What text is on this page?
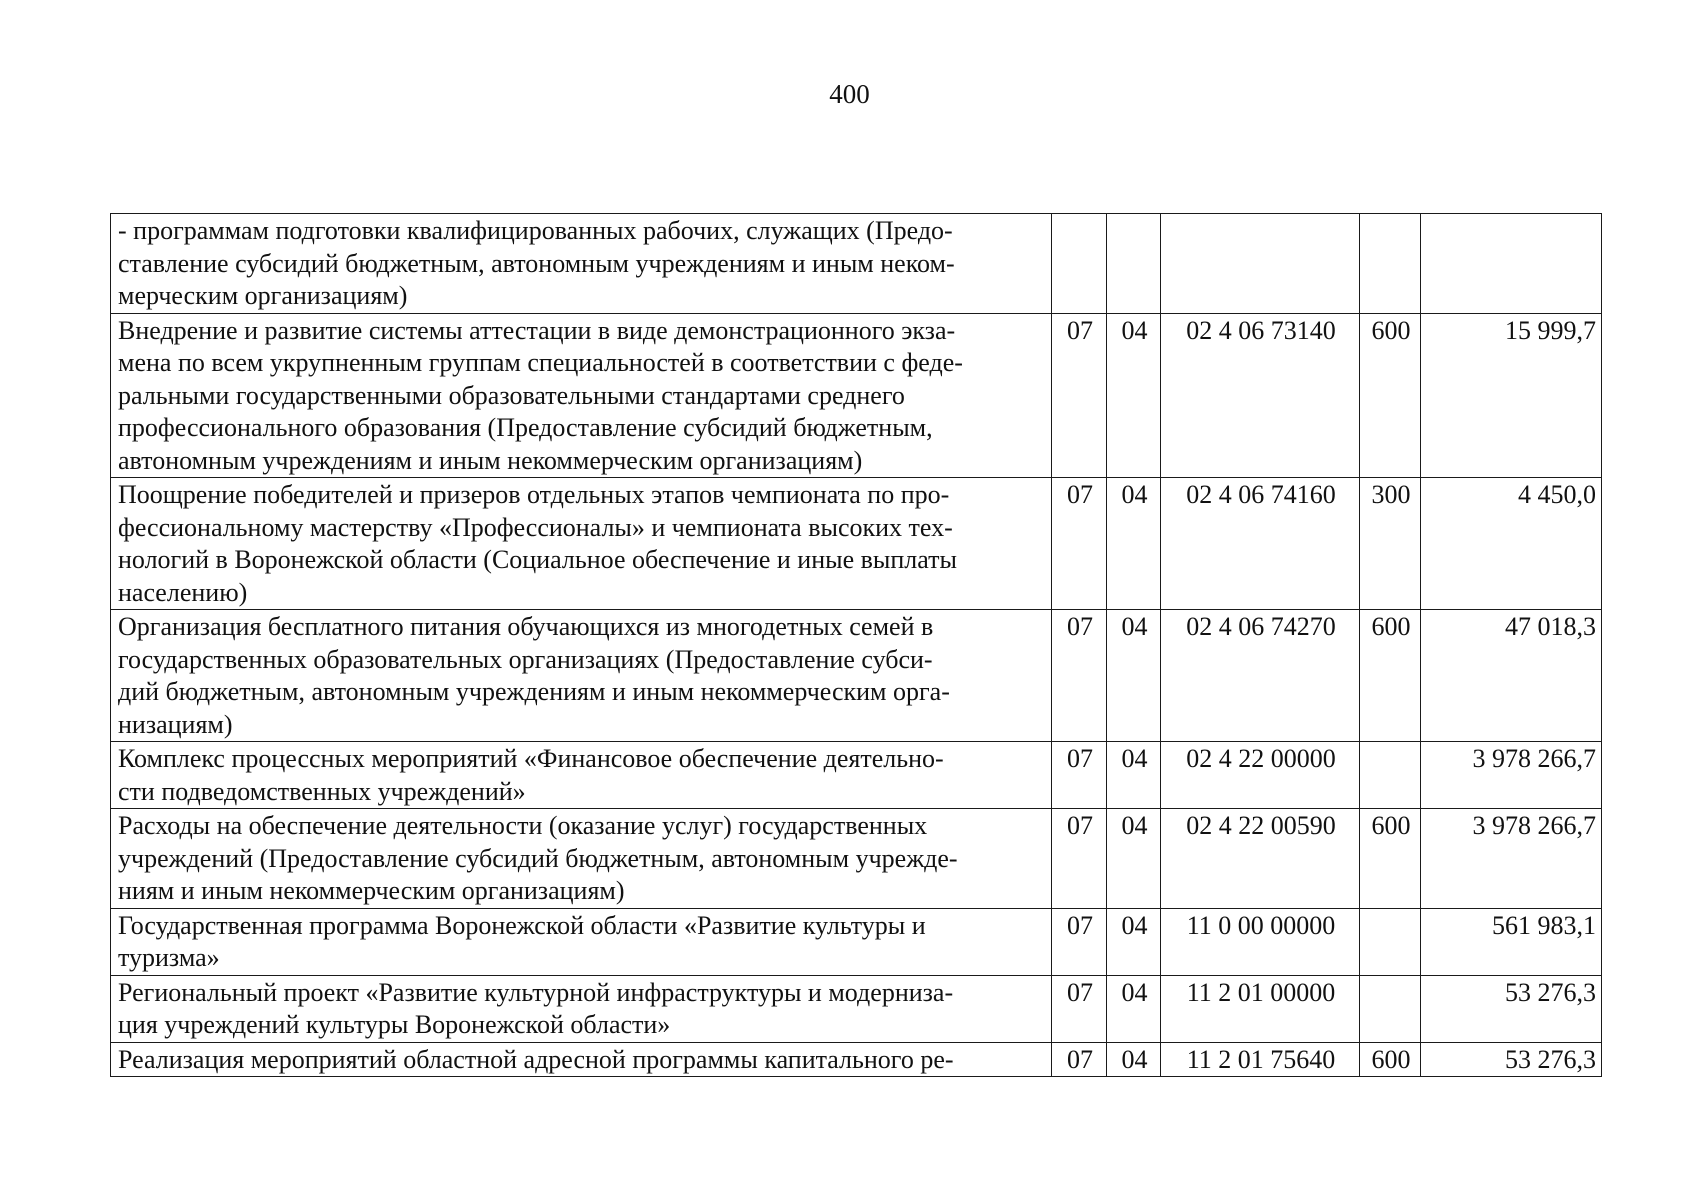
400
- программам подготовки квалифицированных рабочих, служащих (Предо-
ставление субсидий бюджетным, автономным учреждениям и иным неком-
мерческим организациям)					
Внедрение и развитие системы аттестации в виде демонстрационного экза-
мена по всем укрупненным группам специальностей в соответствии с феде-
ральными государственными образовательными стандартами среднего
профессионального образования (Предоставление субсидий бюджетным,
автономным учреждениям и иным некоммерческим организациям)	07	04	02 4 06 73140	600	15 999,7
Поощрение победителей и призеров отдельных этапов чемпионата по про-
фессиональному мастерству «Профессионалы» и чемпионата высоких тех-
нологий в Воронежской области (Социальное обеспечение и иные выплаты
населению)	07	04	02 4 06 74160	300	4 450,0
Организация бесплатного питания обучающихся из многодетных семей в
государственных образовательных организациях (Предоставление субси-
дий бюджетным, автономным учреждениям и иным некоммерческим орга-
низациям)	07	04	02 4 06 74270	600	47 018,3
Комплекс процессных мероприятий «Финансовое обеспечение деятельно-
сти подведомственных учреждений»	07	04	02 4 22 00000		3 978 266,7
Расходы на обеспечение деятельности (оказание услуг) государственных
учреждений (Предоставление субсидий бюджетным, автономным учрежде-
ниям и иным некоммерческим организациям)	07	04	02 4 22 00590	600	3 978 266,7
Государственная программа Воронежской области «Развитие культуры и
туризма»	07	04	11 0 00 00000		561 983,1
Региональный проект «Развитие культурной инфраструктуры и модерниза-
ция учреждений культуры Воронежской области»	07	04	11 2 01 00000		53 276,3
Реализация мероприятий областной адресной программы капитального ре-	07	04	11 2 01 75640	600	53 276,3
